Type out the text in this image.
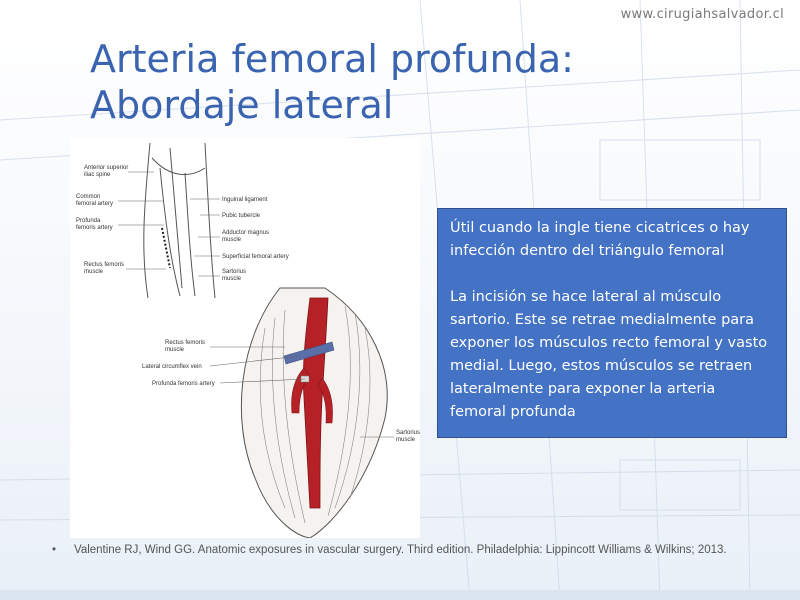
www.cirugiahsalvador.cl
Arteria femoral profunda:
Abordaje lateral
Anterior superior
iliac spine
Common
femoral artery
Profunda
femoris artery
Rectus femoris
muscle
Inguinal ligament
Pubic tubercle
Adductor magnus
muscle
Superficial femoral artery
Sartorius
muscle
Rectus femoris
muscle
Lateral circumflex vein
Profunda femoris artery
Sartorius
muscle

Útil cuando la ingle tiene cicatrices o hay infección dentro del triángulo femoral

La incisión se hace lateral al músculo sartorio. Este se retrae medialmente para exponer los músculos recto femoral y vasto medial. Luego, estos músculos se retraen lateralmente para exponer la arteria femoral profunda

•	Valentine RJ, Wind GG. Anatomic exposures in vascular surgery. Third edition. Philadelphia: Lippincott Williams & Wilkins; 2013.
